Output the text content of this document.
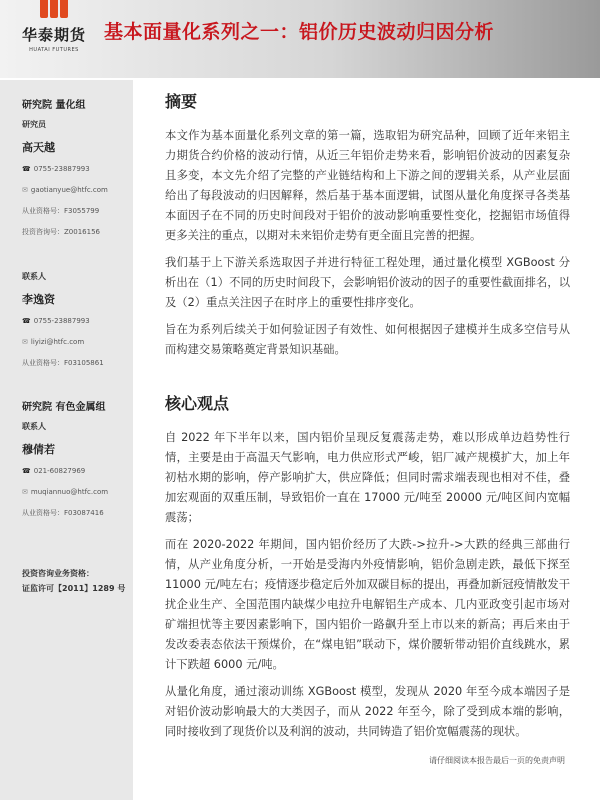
华泰期货
HUATAI FUTURES
基本面量化系列之一：铝价历史波动归因分析
研究院 量化组
研究员
高天越
☎ 0755-23887993
✉ gaotianyue@htfc.com
从业资格号：F3055799
投资咨询号：Z0016156
联系人
李逸资
☎ 0755-23887993
✉ liyizi@htfc.com
从业资格号：F03105861
研究院 有色金属组
联系人
穆倩若
☎ 021-60827969
✉ muqiannuo@htfc.com
从业资格号：F03087416
投资咨询业务资格：
证监许可【2011】1289 号
摘要

本文作为基本面量化系列文章的第一篇，选取铝为研究品种，回顾了近年来铝主力期货合约价格的波动行情，从近三年铝价走势来看，影响铝价波动的因素复杂且多变，本文先介绍了完整的产业链结构和上下游之间的逻辑关系，从产业层面给出了每段波动的归因解释，然后基于基本面逻辑，试图从量化角度探寻各类基本面因子在不同的历史时间段对于铝价的波动影响重要性变化，挖掘铝市场值得更多关注的重点，以期对未来铝价走势有更全面且完善的把握。

我们基于上下游关系选取因子并进行特征工程处理，通过量化模型 XGBoost 分析出在（1）不同的历史时间段下，会影响铝价波动的因子的重要性截面排名，以及（2）重点关注因子在时序上的重要性排序变化。

旨在为系列后续关于如何验证因子有效性、如何根据因子建模并生成多空信号从而构建交易策略奠定背景知识基础。

核心观点

自 2022 年下半年以来，国内铝价呈现反复震荡走势，难以形成单边趋势性行情，主要是由于高温天气影响，电力供应形式严峻，铝厂减产规模扩大，加上年初枯水期的影响，停产影响扩大，供应降低；但同时需求端表现也相对不佳，叠加宏观面的双重压制，导致铝价一直在 17000 元/吨至 20000 元/吨区间内宽幅震荡；

而在 2020-2022 年期间，国内铝价经历了大跌->拉升->大跌的经典三部曲行情，从产业角度分析，一开始是受海内外疫情影响，铝价急剧走跌，最低下探至 11000 元/吨左右；疫情逐步稳定后外加双碳目标的提出，再叠加新冠疫情散发干扰企业生产、全国范围内缺煤少电拉升电解铝生产成本、几内亚政变引起市场对矿端担忧等主要因素影响下，国内铝价一路飙升至上市以来的新高；再后来由于发改委表态依法干预煤价，在“煤电铝”联动下，煤价腰斩带动铝价直线跳水，累计下跌超 6000 元/吨。

从量化角度，通过滚动训练 XGBoost 模型，发现从 2020 年至今成本端因子是对铝价波动影响最大的大类因子，而从 2022 年至今，除了受到成本端的影响，同时接收到了现货价以及利润的波动，共同铸造了铝价宽幅震荡的现状。

请仔细阅读本报告最后一页的免责声明
